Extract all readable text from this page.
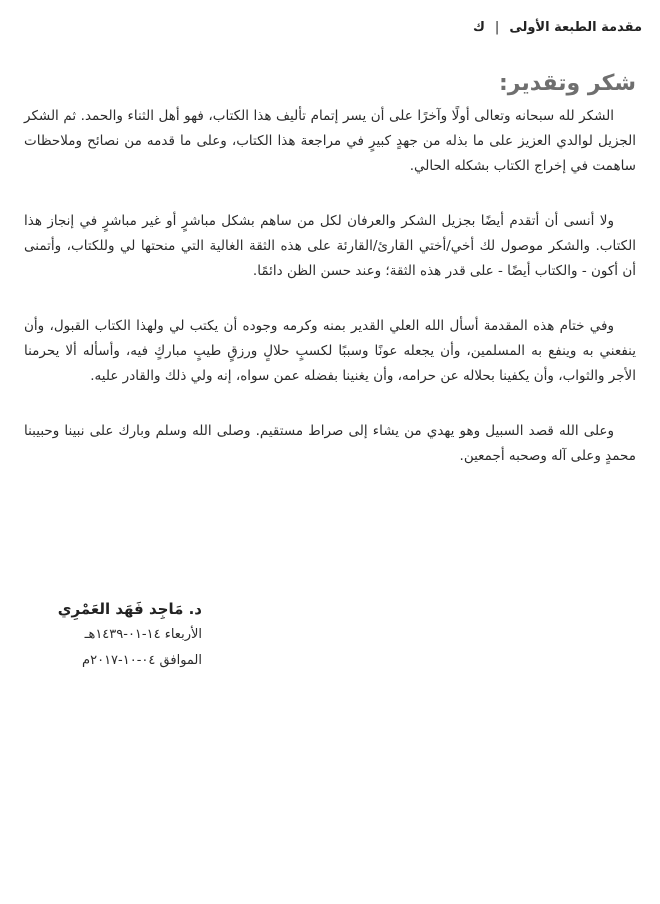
مقدمة الطبعة الأولى|ك
شكر وتقدير:

الشكر لله سبحانه وتعالى أولًا وآخرًا على أن يسر إتمام تأليف هذا الكتاب، فهو أهل الثناء والحمد. ثم الشكر الجزيل لوالدي العزيز على ما بذله من جهدٍ كبيرٍ في مراجعة هذا الكتاب، وعلى ما قدمه من نصائح وملاحظات ساهمت في إخراج الكتاب بشكله الحالي.

ولا أنسى أن أتقدم أيضًا بجزيل الشكر والعرفان لكل من ساهم بشكل مباشرٍ أو غير مباشرٍ في إنجاز هذا الكتاب. والشكر موصول لك أخي/أختي القارئ/القارئة على هذه الثقة الغالية التي منحتها لي وللكتاب، وأتمنى أن أكون - والكتاب أيضًا - على قدر هذه الثقة؛ وعند حسن الظن دائمًا.

وفي ختام هذه المقدمة أسأل الله العلي القدير بمنه وكرمه وجوده أن يكتب لي ولهذا الكتاب القبول، وأن ينفعني به وينفع به المسلمين، وأن يجعله عونًا وسببًا لكسبٍ حلالٍ ورزقٍ طيبٍ مباركٍ فيه، وأسأله ألا يحرمنا الأجر والثواب، وأن يكفينا بحلاله عن حرامه، وأن يغنينا بفضله عمن سواه، إنه ولي ذلك والقادر عليه.

وعلى الله قصد السبيل وهو يهدي من يشاء إلى صراط مستقيم. وصلى الله وسلم وبارك على نبينا وحبيبنا محمدٍ وعلى آله وصحبه أجمعين.

د. مَاجِد فَهَد العَمْرِي
الأربعاء ١٤-٠١-١٤٣٩هـ
الموافق ٠٤-١٠-٢٠١٧م
